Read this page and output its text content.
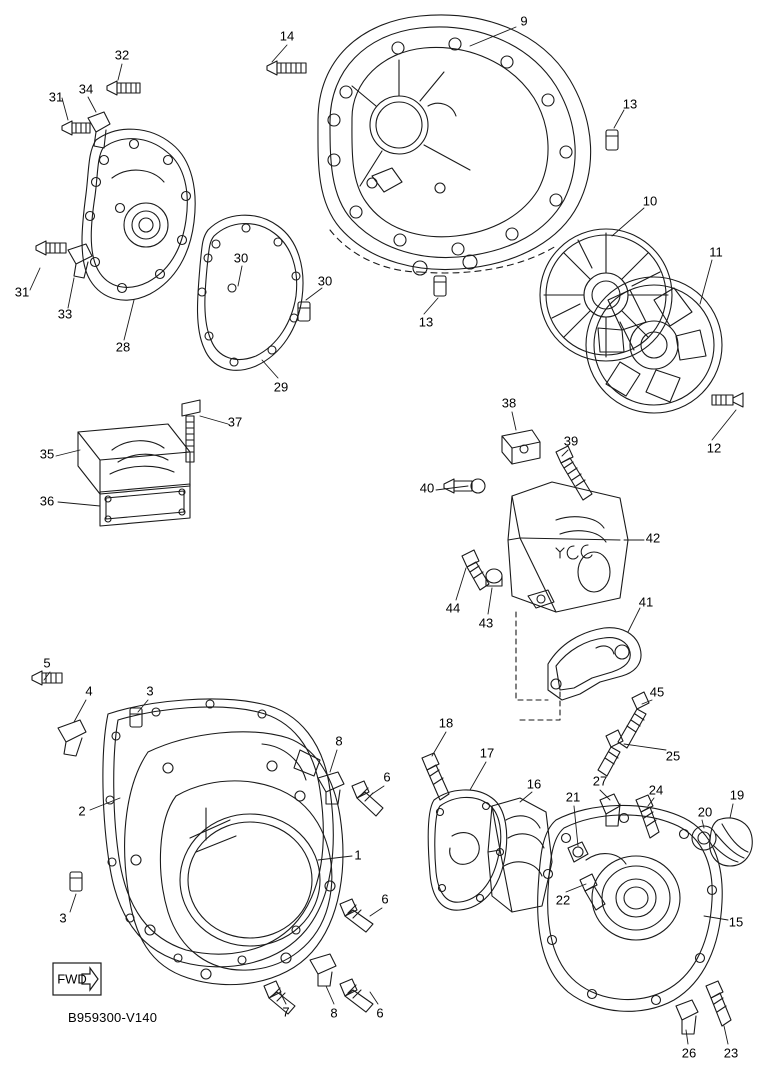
FWD
B959300-V140
32
14
9
34
31	13
10
11
30
30
31
33
13
28
29
12
37
38
39
35
40
36
42
44
43
41
5
45
4	3
25
18
8
17
16	27
6
21	24	19
20
2
1
22
15
3
6
7	8	6
26 23
